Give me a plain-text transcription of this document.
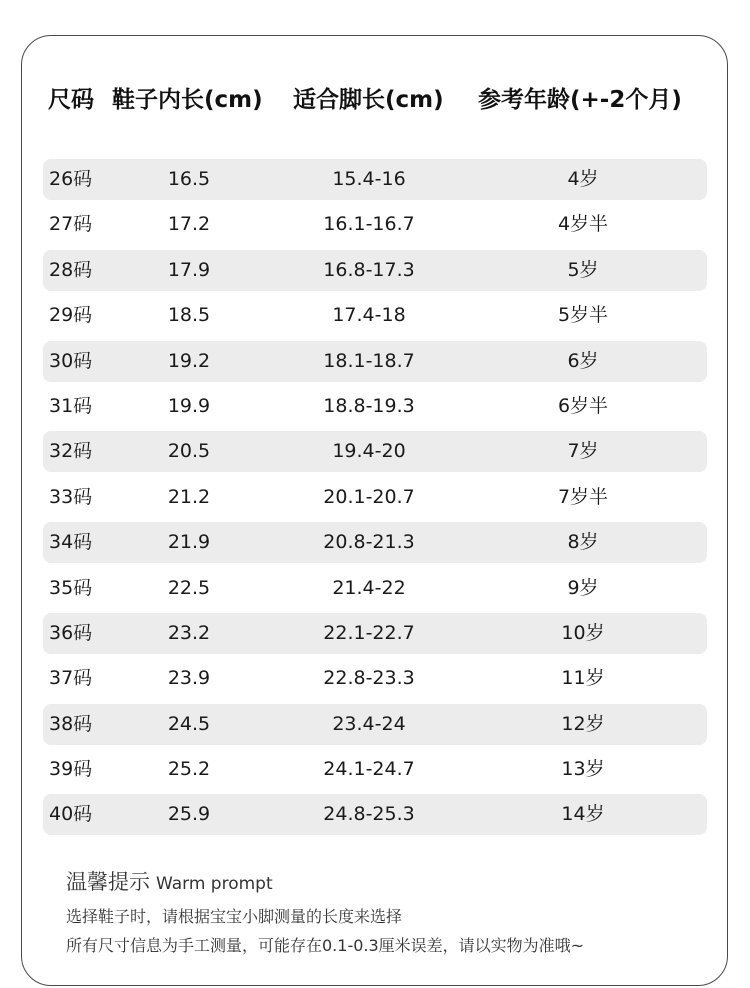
尺码 鞋子内长(cm) 适合脚长(cm) 参考年龄(+-2个月)
26码	16.5	15.4-16	4岁
27码	17.2	16.1-16.7	4岁半
28码	17.9	16.8-17.3	5岁
29码	18.5	17.4-18	5岁半
30码	19.2	18.1-18.7	6岁
31码	19.9	18.8-19.3	6岁半
32码	20.5	19.4-20	7岁
33码	21.2	20.1-20.7	7岁半
34码	21.9	20.8-21.3	8岁
35码	22.5	21.4-22	9岁
36码	23.2	22.1-22.7	10岁
37码	23.9	22.8-23.3	11岁
38码	24.5	23.4-24	12岁
39码	25.2	24.1-24.7	13岁
40码	25.9	24.8-25.3	14岁
温馨提示 Warm prompt
选择鞋子时，请根据宝宝小脚测量的长度来选择
所有尺寸信息为手工测量，可能存在0.1-0.3厘米误差，请以实物为准哦~
